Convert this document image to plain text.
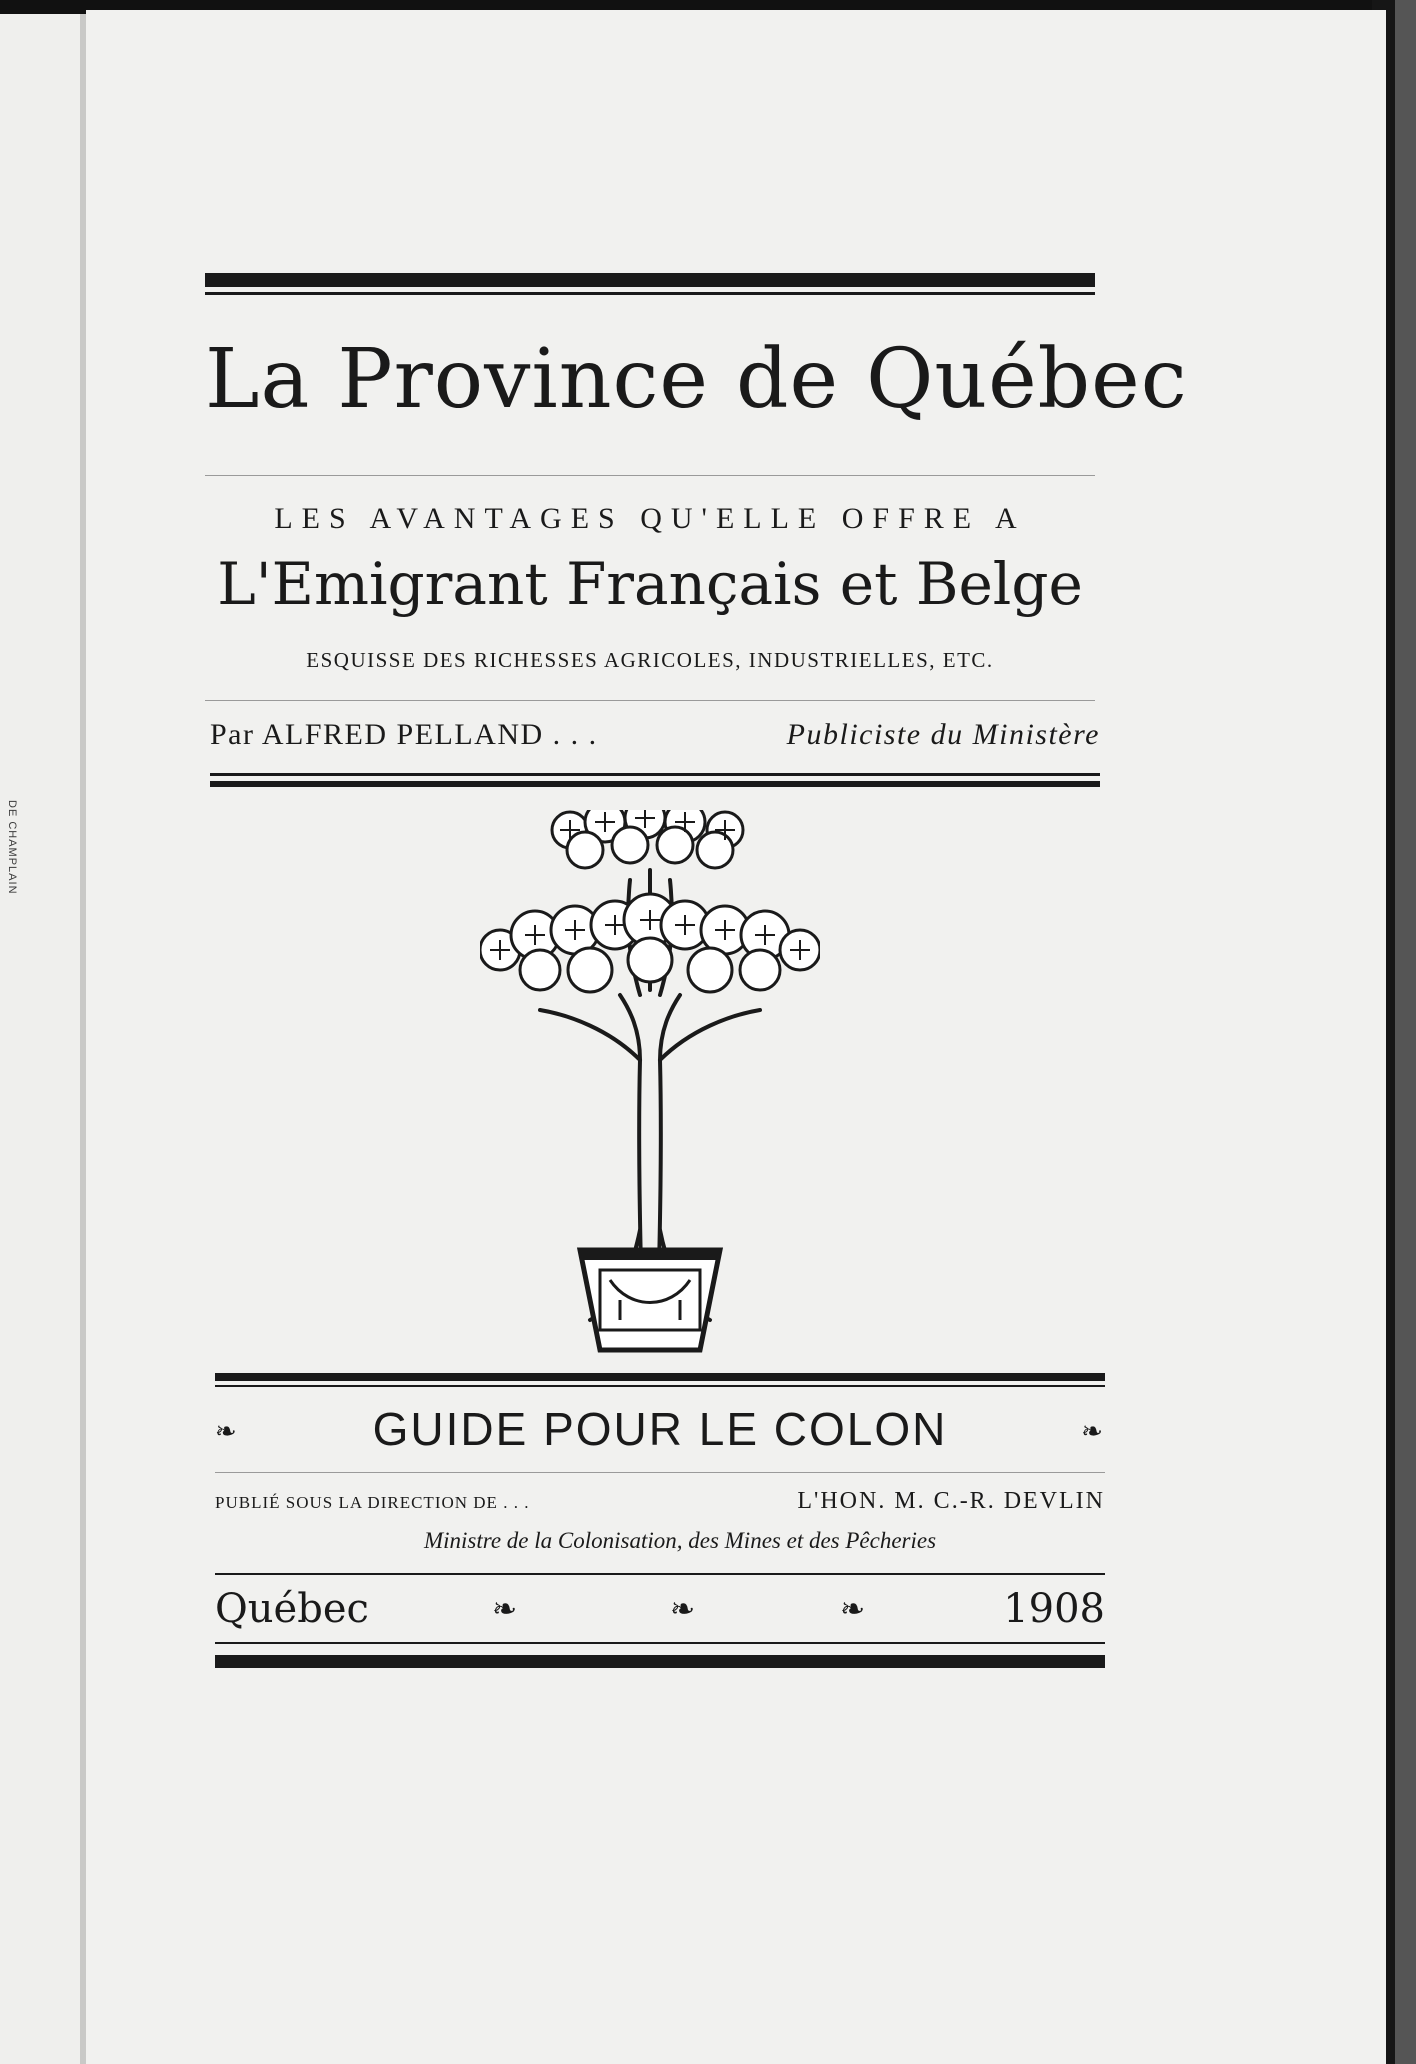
DE CHAMPLAIN
La Province de Québec
LES AVANTAGES QU'ELLE OFFRE A
L'Emigrant Français et Belge
ESQUISSE DES RICHESSES AGRICOLES, INDUSTRIELLES, ETC.
Par ALFRED PELLAND . . .	Publiciste du Ministère
❧	GUIDE POUR LE COLON	❧
PUBLIÉ SOUS LA DIRECTION DE . . .	L'HON. M. C.-R. DEVLIN
Ministre de la Colonisation, des Mines et des Pêcheries
Québec	❧	❧	❧	1908
